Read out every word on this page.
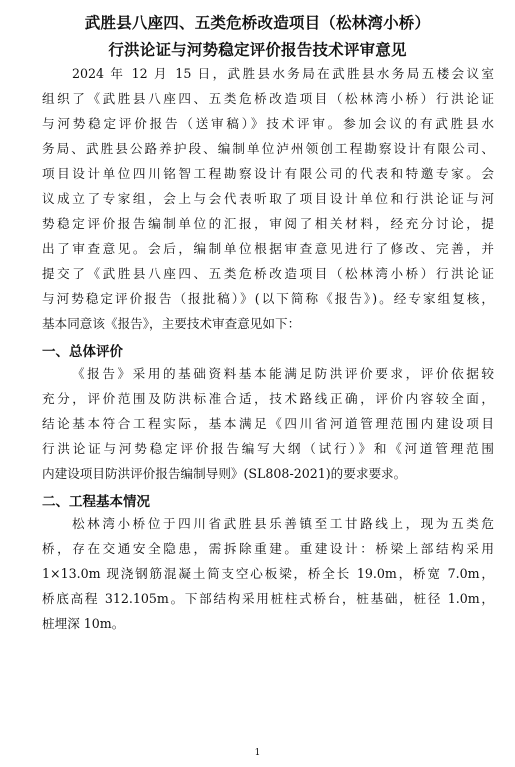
武胜县八座四、五类危桥改造项目（松林湾小桥）
行洪论证与河势稳定评价报告技术评审意见
2024 年 12 月 15 日，武胜县水务局在武胜县水务局五楼会议室
组织了《武胜县八座四、五类危桥改造项目（松林湾小桥）行洪论证
与河势稳定评价报告（送审稿）》技术评审。参加会议的有武胜县水
务局、武胜县公路养护段、编制单位泸州领创工程勘察设计有限公司、
项目设计单位四川铭智工程勘察设计有限公司的代表和特邀专家。会
议成立了专家组，会上与会代表听取了项目设计单位和行洪论证与河
势稳定评价报告编制单位的汇报，审阅了相关材料，经充分讨论，提
出了审查意见。会后，编制单位根据审查意见进行了修改、完善，并
提交了《武胜县八座四、五类危桥改造项目（松林湾小桥）行洪论证
与河势稳定评价报告（报批稿）》(以下简称《报告》)。经专家组复核，
基本同意该《报告》，主要技术审查意见如下：
一、总体评价
《报告》采用的基础资料基本能满足防洪评价要求，评价依据较
充分，评价范围及防洪标准合适，技术路线正确，评价内容较全面，
结论基本符合工程实际，基本满足《四川省河道管理范围内建设项目
行洪论证与河势稳定评价报告编写大纲（试行）》和《河道管理范围
内建设项目防洪评价报告编制导则》(SL808-2021)的要求要求。
二、工程基本情况
松林湾小桥位于四川省武胜县乐善镇至工甘路线上，现为五类危
桥，存在交通安全隐患，需拆除重建。重建设计：桥梁上部结构采用
1×13.0m 现浇钢筋混凝土简支空心板梁，桥全长 19.0m，桥宽 7.0m，
桥底高程 312.105m。下部结构采用桩柱式桥台，桩基础，桩径 1.0m，
桩埋深 10m。
1
